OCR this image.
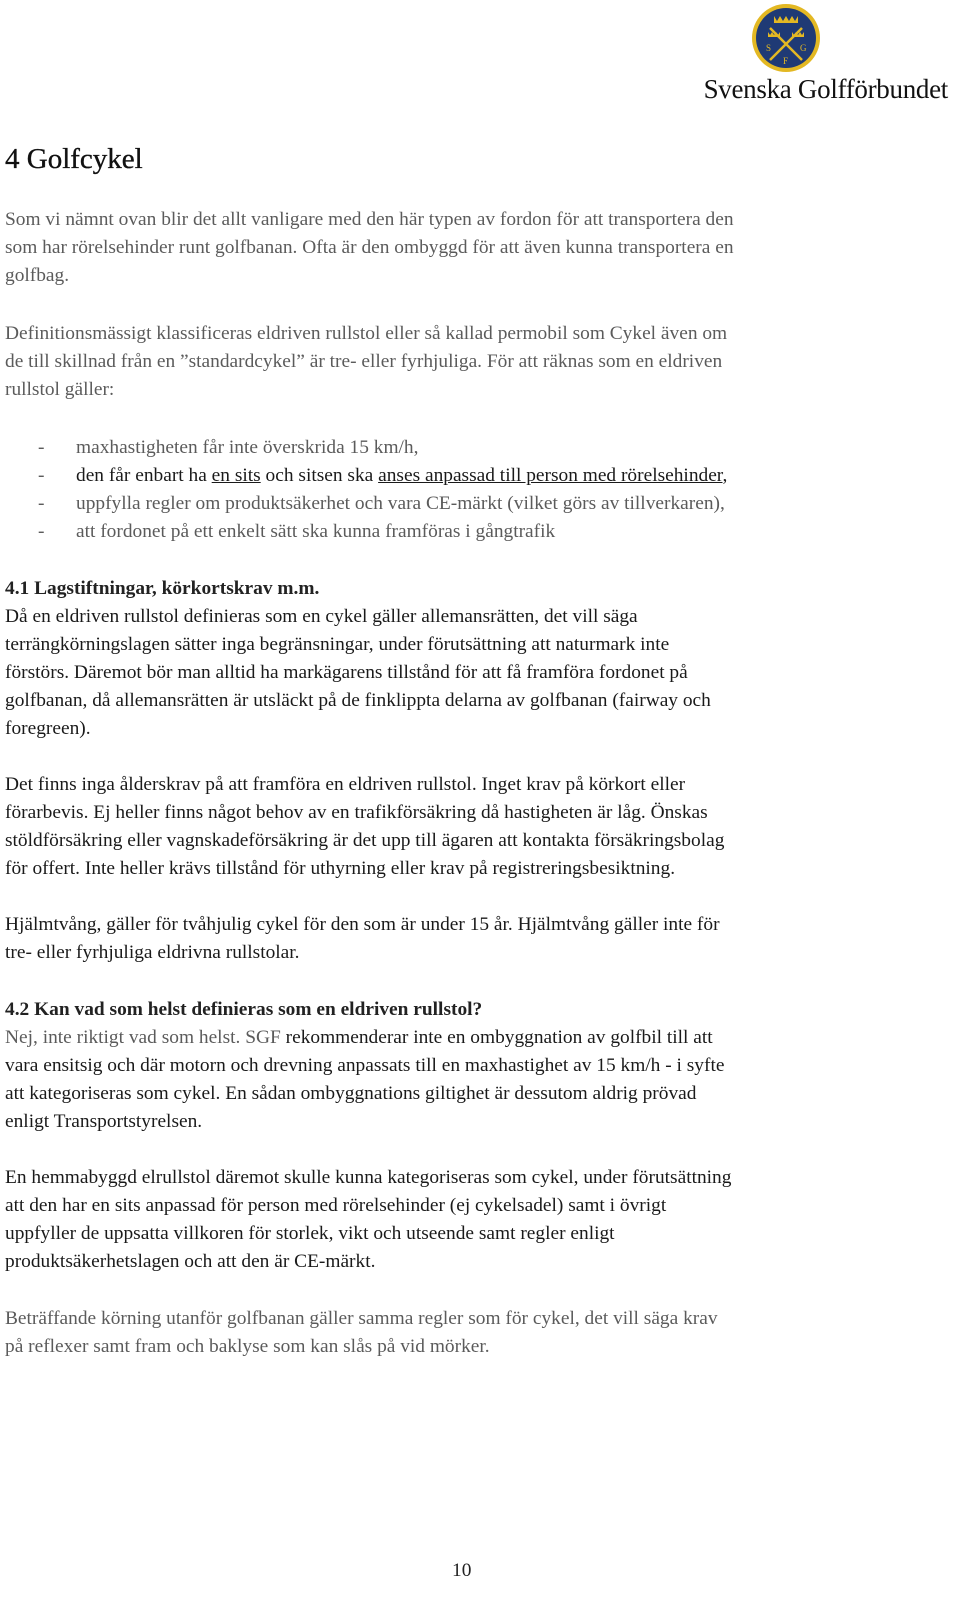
S	G
F
Svenska Golfförbundet
4 Golfcykel

Som vi nämnt ovan blir det allt vanligare med den här typen av fordon för att transportera den

som har rörelsehinder runt golfbanan. Ofta är den ombyggd för att även kunna transportera en

golfbag.

Definitionsmässigt klassificeras eldriven rullstol eller så kallad permobil som Cykel även om

de till skillnad från en ”standardcykel” är tre- eller fyrhjuliga. För att räknas som en eldriven

rullstol gäller:

- maxhastigheten får inte överskrida 15 km/h,
- den får enbart ha en sits och sitsen ska anses anpassad till person med rörelsehinder,
- uppfylla regler om produktsäkerhet och vara CE-märkt (vilket görs av tillverkaren),
- att fordonet på ett enkelt sätt ska kunna framföras i gångtrafik
4.1 Lagstiftningar, körkortskrav m.m.

Då en eldriven rullstol definieras som en cykel gäller allemansrätten, det vill säga

terrängkörningslagen sätter inga begränsningar, under förutsättning att naturmark inte

förstörs. Däremot bör man alltid ha markägarens tillstånd för att få framföra fordonet på

golfbanan, då allemansrätten är utsläckt på de finklippta delarna av golfbanan (fairway och

foregreen).

Det finns inga ålderskrav på att framföra en eldriven rullstol. Inget krav på körkort eller

förarbevis. Ej heller finns något behov av en trafikförsäkring då hastigheten är låg. Önskas

stöldförsäkring eller vagnskadeförsäkring är det upp till ägaren att kontakta försäkringsbolag

för offert. Inte heller krävs tillstånd för uthyrning eller krav på registreringsbesiktning.

Hjälmtvång, gäller för tvåhjulig cykel för den som är under 15 år. Hjälmtvång gäller inte för

tre- eller fyrhjuliga eldrivna rullstolar.

4.2 Kan vad som helst definieras som en eldriven rullstol?

Nej, inte riktigt vad som helst. SGF rekommenderar inte en ombyggnation av golfbil till att

vara ensitsig och där motorn och drevning anpassats till en maxhastighet av 15 km/h - i syfte

att kategoriseras som cykel. En sådan ombyggnations giltighet är dessutom aldrig prövad

enligt Transportstyrelsen.

En hemmabyggd elrullstol däremot skulle kunna kategoriseras som cykel, under förutsättning

att den har en sits anpassad för person med rörelsehinder (ej cykelsadel) samt i övrigt

uppfyller de uppsatta villkoren för storlek, vikt och utseende samt regler enligt

produktsäkerhetslagen och att den är CE-märkt.

Beträffande körning utanför golfbanan gäller samma regler som för cykel, det vill säga krav

på reflexer samt fram och baklyse som kan slås på vid mörker.

10
